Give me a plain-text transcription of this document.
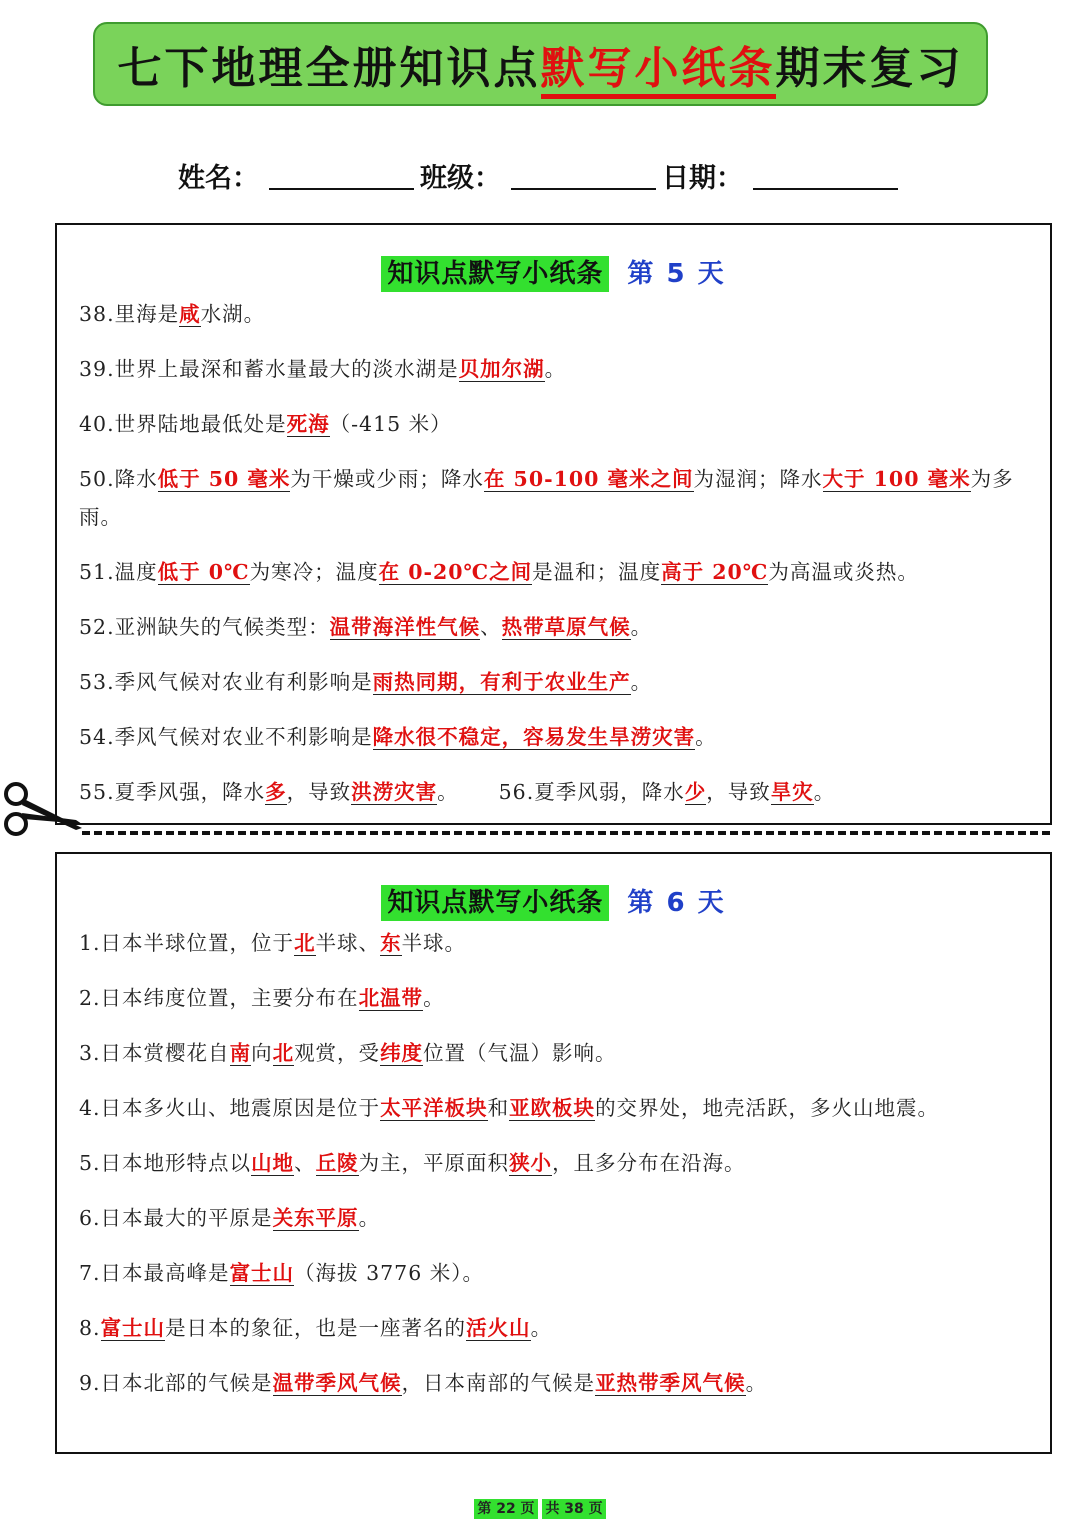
七下地理全册知识点默写小纸条期末复习
姓名：	班级：	日期：
知识点默写小纸条 第 5 天
38.里海是咸水湖。
39.世界上最深和蓄水量最大的淡水湖是贝加尔湖。
40.世界陆地最低处是死海（-415 米）
50.降水低于 50 毫米为干燥或少雨；降水在 50-100 毫米之间为湿润；降水大于 100 毫米为多雨。
51.温度低于 0℃为寒冷；温度在 0-20℃之间是温和；温度高于 20℃为高温或炎热。
52.亚洲缺失的气候类型：温带海洋性气候、热带草原气候。
53.季风气候对农业有利影响是雨热同期，有利于农业生产。
54.季风气候对农业不利影响是降水很不稳定，容易发生旱涝灾害。
55.夏季风强，降水多，导致洪涝灾害。 56.夏季风弱，降水少，导致旱灾。
知识点默写小纸条 第 6 天
1.日本半球位置，位于北半球、东半球。
2.日本纬度位置，主要分布在北温带。
3.日本赏樱花自南向北观赏，受纬度位置（气温）影响。
4.日本多火山、地震原因是位于太平洋板块和亚欧板块的交界处，地壳活跃，多火山地震。
5.日本地形特点以山地、丘陵为主，平原面积狭小，且多分布在沿海。
6.日本最大的平原是关东平原。
7.日本最高峰是富士山（海拔 3776 米）。
8.富士山是日本的象征，也是一座著名的活火山。
9.日本北部的气候是温带季风气候，日本南部的气候是亚热带季风气候。
第 22 页 共 38 页
